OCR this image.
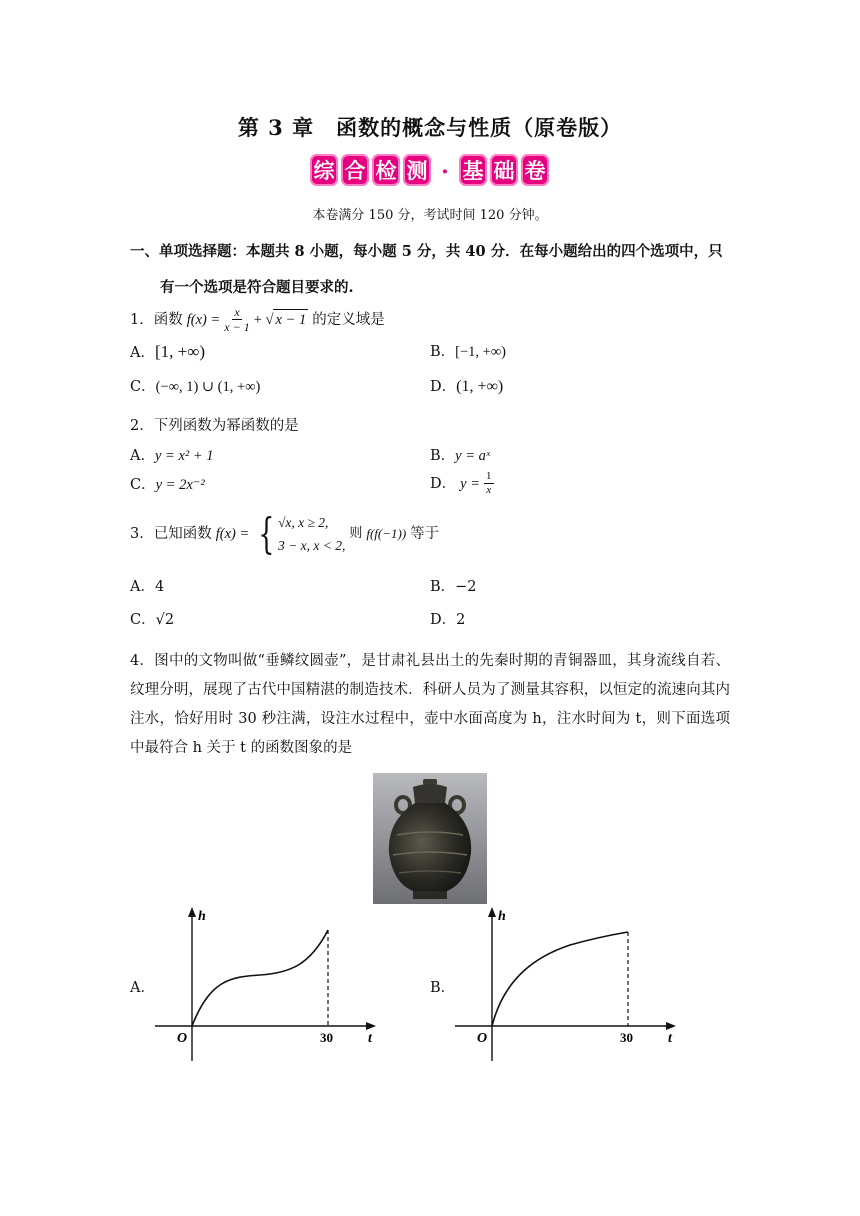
第 3 章　函数的概念与性质（原卷版）
综 合 检 测 · 基 础 卷
本卷满分 150 分，考试时间 120 分钟。
一、单项选择题：本题共 8 小题，每小题 5 分，共 40 分．在每小题给出的四个选项中，只
有一个选项是符合题目要求的.
1．函数 $f(x) = \frac{x}{x - 1}$ + √ x − 1 的定义域是
A．[1, +∞)	B．[−1, +∞)
C．(−∞, 1) ∪ (1, +∞)	D．(1, +∞)
2．下列函数为幂函数的是
A．y = x² + 1	B．y = aˣ
C．y = 2x⁻²	D． $y = \frac{1}{x}$
3．已知函数 f(x) = { √x, x ≥ 2,
3 − x, x < 2,
则 f(f(−1)) 等于
A．4	B．−2
C．√2	D．2
4．图中的文物叫做“垂鳞纹圆壶”，是甘肃礼县出土的先秦时期的青铜器皿，其身流线自若、纹理分明，展现了古代中国精湛的制造技术．科研人员为了测量其容积，以恒定的流速向其内注水，恰好用时 30 秒注满，设注水过程中，壶中水面高度为 h，注水时间为 t，则下面选项中最符合 h 关于 t 的函数图象的是
A．
h
O	30	t
B．
h
O	30	t
